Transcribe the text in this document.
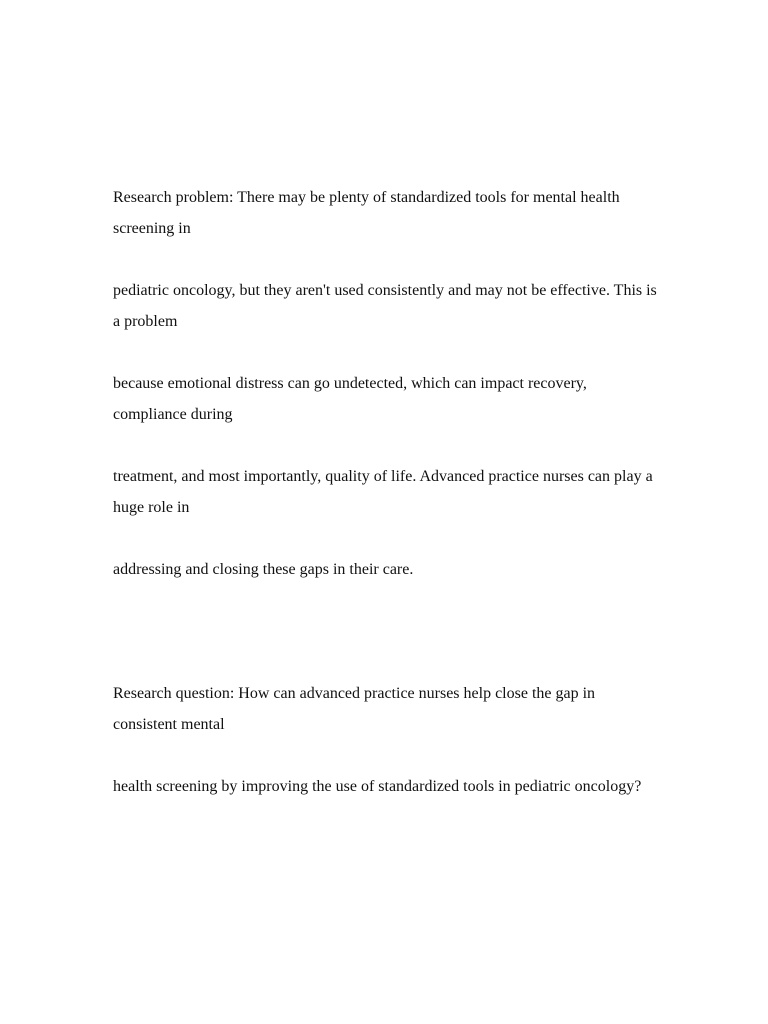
Research problem: There may be plenty of standardized tools for mental health screening in

pediatric oncology, but they aren't used consistently and may not be effective. This is a problem

because emotional distress can go undetected, which can impact recovery, compliance during

treatment, and most importantly, quality of life. Advanced practice nurses can play a huge role in

addressing and closing these gaps in their care.

Research question: How can advanced practice nurses help close the gap in consistent mental

health screening by improving the use of standardized tools in pediatric oncology?
